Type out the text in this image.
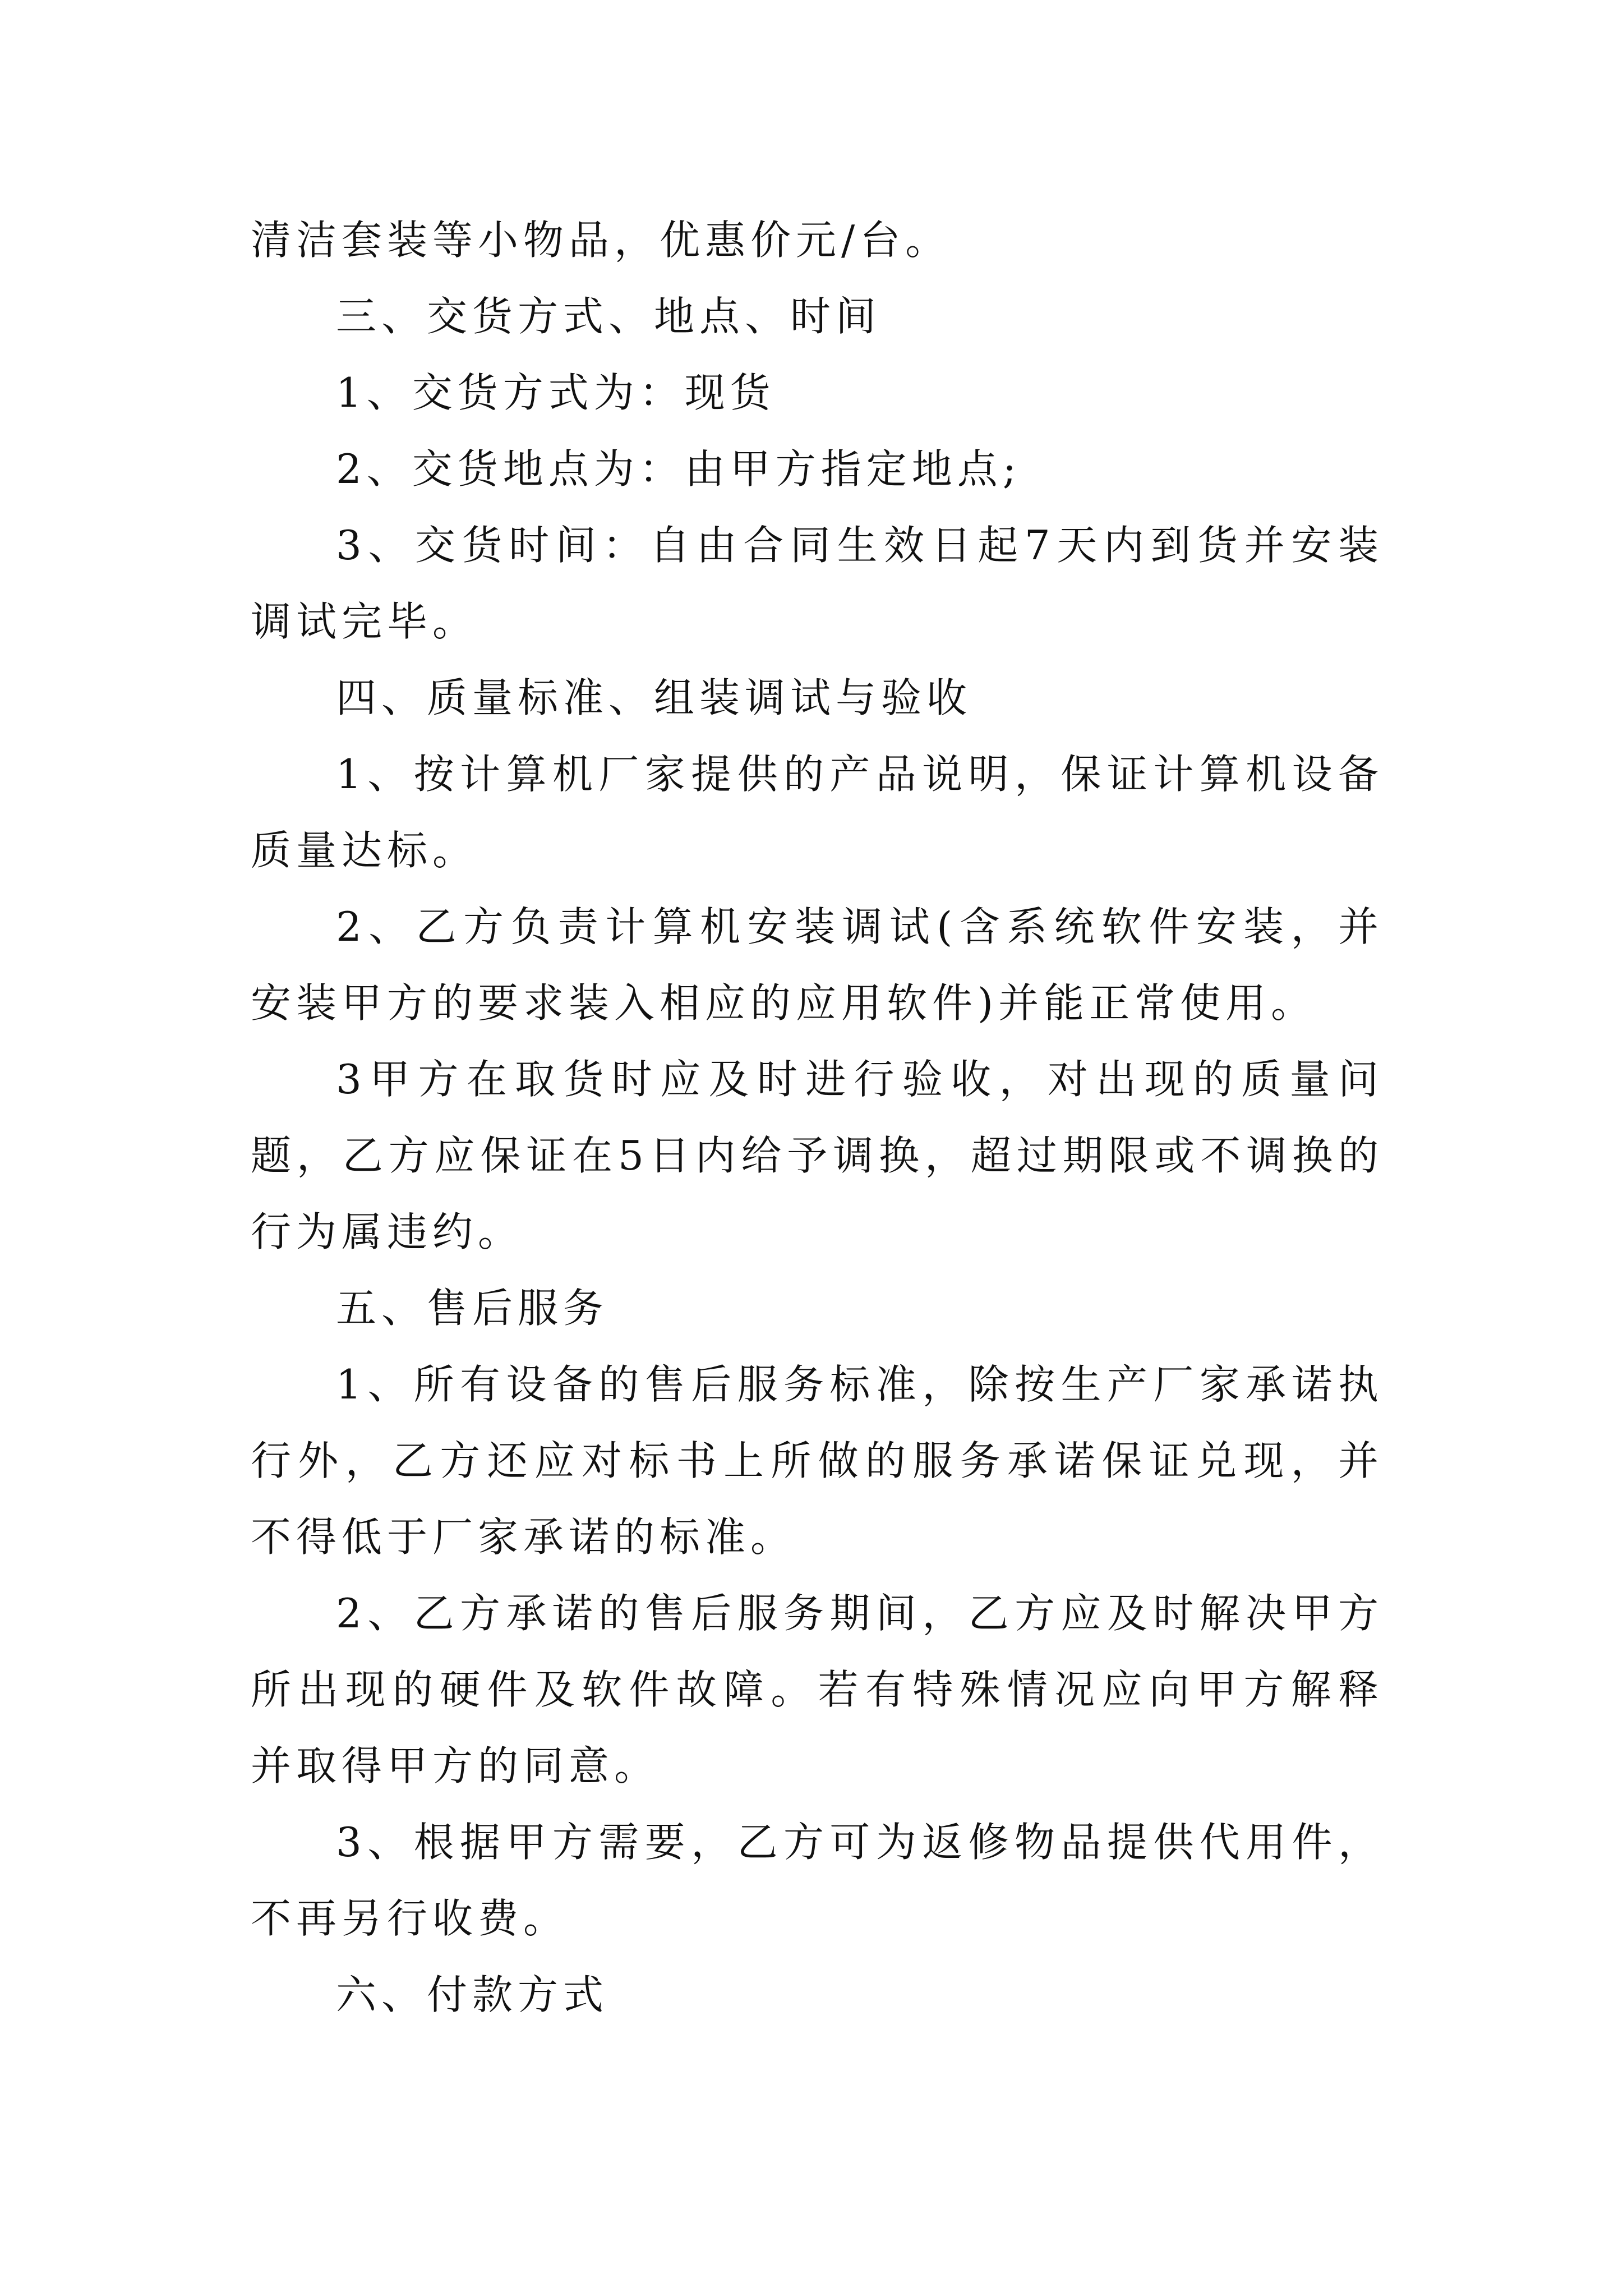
清洁套装等小物品，优惠价元/台。

三、交货方式、地点、时间

1、交货方式为：现货

2、交货地点为：由甲方指定地点;

3、交货时间：自由合同生效日起7天内到货并安装调试完毕。

四、质量标准、组装调试与验收

1、按计算机厂家提供的产品说明，保证计算机设备质量达标。

2、乙方负责计算机安装调试(含系统软件安装，并安装甲方的要求装入相应的应用软件)并能正常使用。

3甲方在取货时应及时进行验收，对出现的质量问题，乙方应保证在5日内给予调换，超过期限或不调换的行为属违约。

五、售后服务

1、所有设备的售后服务标准，除按生产厂家承诺执行外，乙方还应对标书上所做的服务承诺保证兑现，并不得低于厂家承诺的标准。

2、乙方承诺的售后服务期间，乙方应及时解决甲方所出现的硬件及软件故障。若有特殊情况应向甲方解释并取得甲方的同意。

3、根据甲方需要，乙方可为返修物品提供代用件，不再另行收费。

六、付款方式
